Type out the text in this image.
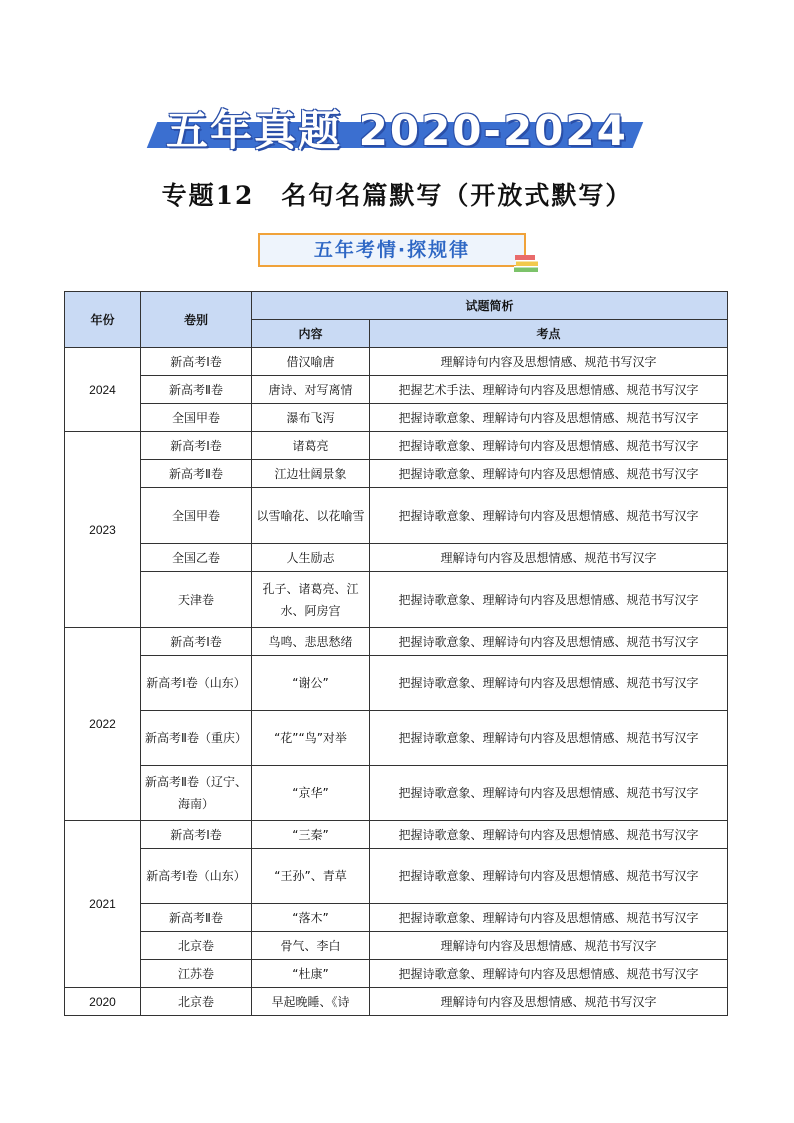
五年真题 2020-2024
专题12　名句名篇默写（开放式默写）
五年考情·探规律
年份	卷别	试题简析	
		内容	考点
2024	新高考Ⅰ卷	借汉喻唐	理解诗句内容及思想情感、规范书写汉字
	新高考Ⅱ卷	唐诗、对写离情	把握艺术手法、理解诗句内容及思想情感、规范书写汉字
	全国甲卷	瀑布飞泻	把握诗歌意象、理解诗句内容及思想情感、规范书写汉字
2023	新高考Ⅰ卷	诸葛亮	把握诗歌意象、理解诗句内容及思想情感、规范书写汉字
	新高考Ⅱ卷	江边壮阔景象	把握诗歌意象、理解诗句内容及思想情感、规范书写汉字
	全国甲卷	以雪喻花、以花喻雪	把握诗歌意象、理解诗句内容及思想情感、规范书写汉字
	全国乙卷	人生励志	理解诗句内容及思想情感、规范书写汉字
	天津卷	孔子、诸葛亮、江水、阿房宫	把握诗歌意象、理解诗句内容及思想情感、规范书写汉字
2022	新高考Ⅰ卷	鸟鸣、悲思愁绪	把握诗歌意象、理解诗句内容及思想情感、规范书写汉字
	新高考Ⅰ卷（山东）	“谢公”	把握诗歌意象、理解诗句内容及思想情感、规范书写汉字
	新高考Ⅱ卷（重庆）	“花”“鸟”对举	把握诗歌意象、理解诗句内容及思想情感、规范书写汉字
	新高考Ⅱ卷（辽宁、海南）	“京华”	把握诗歌意象、理解诗句内容及思想情感、规范书写汉字
2021	新高考Ⅰ卷	“三秦”	把握诗歌意象、理解诗句内容及思想情感、规范书写汉字
	新高考Ⅰ卷（山东）	“王孙”、青草	把握诗歌意象、理解诗句内容及思想情感、规范书写汉字
	新高考Ⅱ卷	“落木”	把握诗歌意象、理解诗句内容及思想情感、规范书写汉字
	北京卷	骨气、李白	理解诗句内容及思想情感、规范书写汉字
	江苏卷	“杜康”	把握诗歌意象、理解诗句内容及思想情感、规范书写汉字
2020	北京卷	早起晚睡、《诗	理解诗句内容及思想情感、规范书写汉字
